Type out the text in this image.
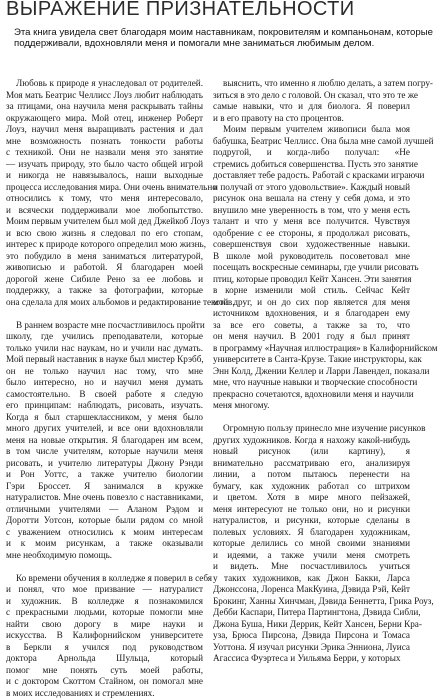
ВЫРАЖЕНИЕ ПРИЗНАТЕЛЬНОСТИ
Эта книга увидела свет благодаря моим наставникам, покровителям и компаньонам, которые
поддерживали, вдохновляли меня и помогали мне заниматься любимым делом.
Любовь к природе я унаследовал от родителей.
Моя мать Беатрис Челлисс Лоуз любит наблюдать
за птицами, она научила меня раскрывать тайны
окружающего мира. Мой отец, инженер Роберт
Лоуз, научил меня выращивать растения и дал
мне возможность познать тонкости работы
с техникой. Они не назвали меня это занятие
— изучать природу, это было часто общей игрой
и никогда не навязывалось, наши выходные
процесса исследования мира. Они очень внимательно
относились к тому, что меня интересовало,
и всячески поддерживали мое любопытство.
Моим первым учителем был мой дед Джейкоб Лоуз
и всю свою жизнь я следовал по его стопам,
интерес к природе которого определил мою жизнь,
это побудило в меня заниматься литературой,
живописью и работой. Я благодарен моей
дорогой жене Сибиле Рено за ее любовь и
поддержку, а также за фотографии, которые
она сделала для моих альбомов и редактирование текстов.
В раннем возрасте мне посчастливилось пройти
школу, где учились преподаватели, которые
только учили нас наукам, но и учили нас думать.
Мой первый наставник в науке был мистер Крэбб,
он не только научил нас тому, что мне
было интересно, но и научил меня думать
самостоятельно. В своей работе я следую
его принципам: наблюдать, рисовать, изучать.
Когда я был старшеклассником, у меня было
много других учителей, и все они вдохновляли
меня на новые открытия. Я благодарен им всем,
в том числе учителям, которые научили меня
рисовать, и учителю литературы Джону Рэнди
и Рон Уоттс, а также учителю биологии
Гэри Броссет. Я занимался в кружке
натуралистов. Мне очень повезло с наставниками,
отличными учителями — Аланом Рэдом и
Доротти Уотсон, которые были рядом со мной
с уважением относились к моим интересам
и к моим рисункам, а также оказывали
мне необходимую помощь.
Ко времени обучения в колледже я поверил в себя
и понял, что мое призвание — натуралист
и художник. В колледже я познакомился
с прекрасными людьми, которые помогли мне
найти свою дорогу в мире науки и
искусства. В Калифорнийском университете
в Беркли я учился под руководством
доктора Арнольда Шульца, который
помог мне понять суть моей работы,
и с доктором Скоттом Стайном, он помогал мне
в моих исследованиях и стремлениях.
выяснить, что именно я люблю делать, а затем погру-
зиться в это дело с головой. Он сказал, что это те же
самые навыки, что и для биолога. Я поверил
и в его правоту на сто процентов.
Моим первым учителем живописи была моя
бабушка, Беатрис Челлисс. Она была мне самой лучшей
подругой, и когда-либо получал: «Не
стремись добиться совершенства. Пусть это занятие
доставляет тебе радость. Работай с красками играючи
и получай от этого удовольствие». Каждый новый
рисунок она вешала на стену у себя дома, и это
внушило мне уверенность в том, что у меня есть
талант и что у меня все получится. Чувствуя
одобрение с ее стороны, я продолжал рисовать,
совершенствуя свои художественные навыки.
В школе мой руководитель посоветовал мне
посещать воскресные семинары, где учили рисовать
птиц, которые проводил Кейт Хансен. Эти занятия
в корне изменили мой стиль. Сейчас Кейт
мой друг, и он до сих пор является для меня
источником вдохновения, и я благодарен ему
за все его советы, а также за то, что
он меня научил. В 2001 году я был принят
в программу «Научная иллюстрация» в Калифорнийском
университете в Санта-Крузе. Такие инструкторы, как
Энн Колд, Джении Келлер и Ларри Лавендел, показали
мне, что научные навыки и творческие способности
прекрасно сочетаются, вдохновили меня и научили
меня многому.
Огромную пользу принесло мне изучение рисунков
других художников. Когда я нахожу какой-нибудь
новый рисунок (или картину), я
внимательно рассматриваю его, анализируя
линии, а потом пытаюсь перенести на
бумагу, как художник работал со штрихом
и цветом. Хотя в мире много пейзажей,
меня интересуют не только они, но и рисунки
натуралистов, и рисунки, которые сделаны в
полевых условиях. Я благодарен художникам,
которые делились со мной своими знаниями
и идеями, а также учили меня смотреть
и видеть. Мне посчастливилось учиться
у таких художников, как Джон Бакки, Ларса
Джонссона, Лоренса МакКуина, Дэвида Рэй, Кейт
Брокинг, Ханны Хинчман, Дэвида Беннетта, Грика Роуз,
Дебби Каспари, Питера Партингтона, Дэвида Сибли,
Джона Буша, Ники Деррик, Кейт Хансен, Берни Кра-
уза, Брюса Пирсона, Дэвида Пирсона и Томаса
Уоттона. Я изучал рисунки Эрика Энниона, Луиса
Агассиса Фуэртеса и Уильяма Берри, у которых
